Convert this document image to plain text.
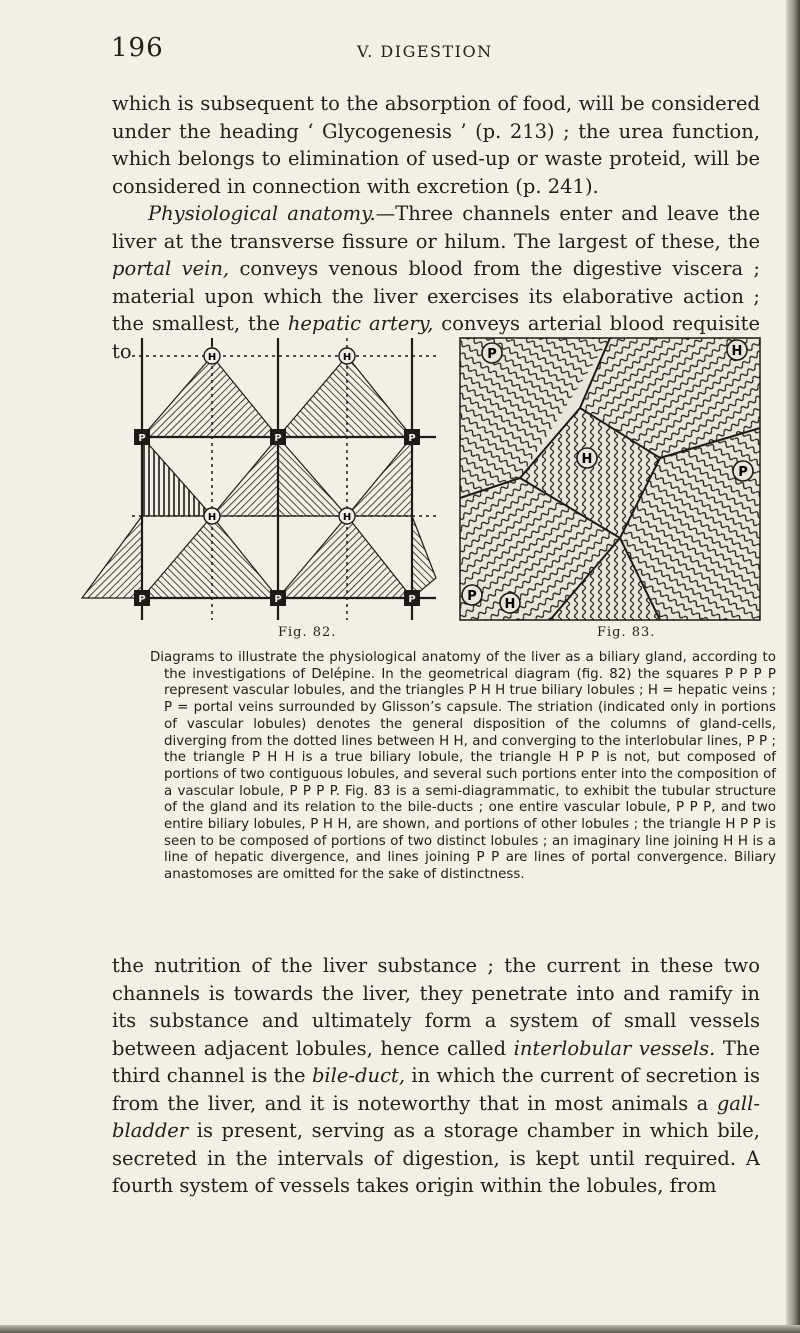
196	V. DIGESTION

which is subsequent to the absorption of food, will be considered under the heading ‘ Glycogenesis ’ (p. 213) ; the urea function, which belongs to elimination of used-up or waste proteid, will be considered in connection with excretion (p. 241).

Physiological anatomy.—Three channels enter and leave the liver at the transverse fissure or hilum. The largest of these, the portal vein, conveys venous blood from the digestive viscera ; material upon which the liver exercises its elaborative action ; the smallest, the hepatic artery, conveys arterial blood requisite to	H	H
H	H
P	P	P
P	P	P
P	H
H
P
P
H
Fig. 82.	Fig. 83.

Diagrams to illustrate the physiological anatomy of the liver as a biliary gland, according to the investigations of Delépine. In the geometrical diagram (fig. 82) the squares P P P P represent vascular lobules, and the triangles P H H true biliary lobules ; H = hepatic veins ; P = portal veins surrounded by Glisson’s capsule. The striation (indicated only in portions of vascular lobules) denotes the general disposition of the columns of gland-cells, diverging from the dotted lines between H H, and converging to the interlobular lines, P P ; the triangle P H H is a true biliary lobule, the triangle H P P is not, but composed of portions of two contiguous lobules, and several such portions enter into the composition of a vascular lobule, P P P P. Fig. 83 is a semi-diagrammatic, to exhibit the tubular structure of the gland and its relation to the bile-ducts ; one entire vascular lobule, P P P, and two entire biliary lobules, P H H, are shown, and portions of other lobules ; the triangle H P P is seen to be composed of portions of two distinct lobules ; an imaginary line joining H H is a line of hepatic divergence, and lines joining P P are lines of portal convergence. Biliary anastomoses are omitted for the sake of distinctness.

the nutrition of the liver substance ; the current in these two channels is towards the liver, they penetrate into and ramify in its substance and ultimately form a system of small vessels between adjacent lobules, hence called interlobular vessels. The third channel is the bile-duct, in which the current of secretion is from the liver, and it is noteworthy that in most animals a gall-bladder is present, serving as a storage chamber in which bile, secreted in the intervals of digestion, is kept until required. A fourth system of vessels takes origin within the lobules, from
